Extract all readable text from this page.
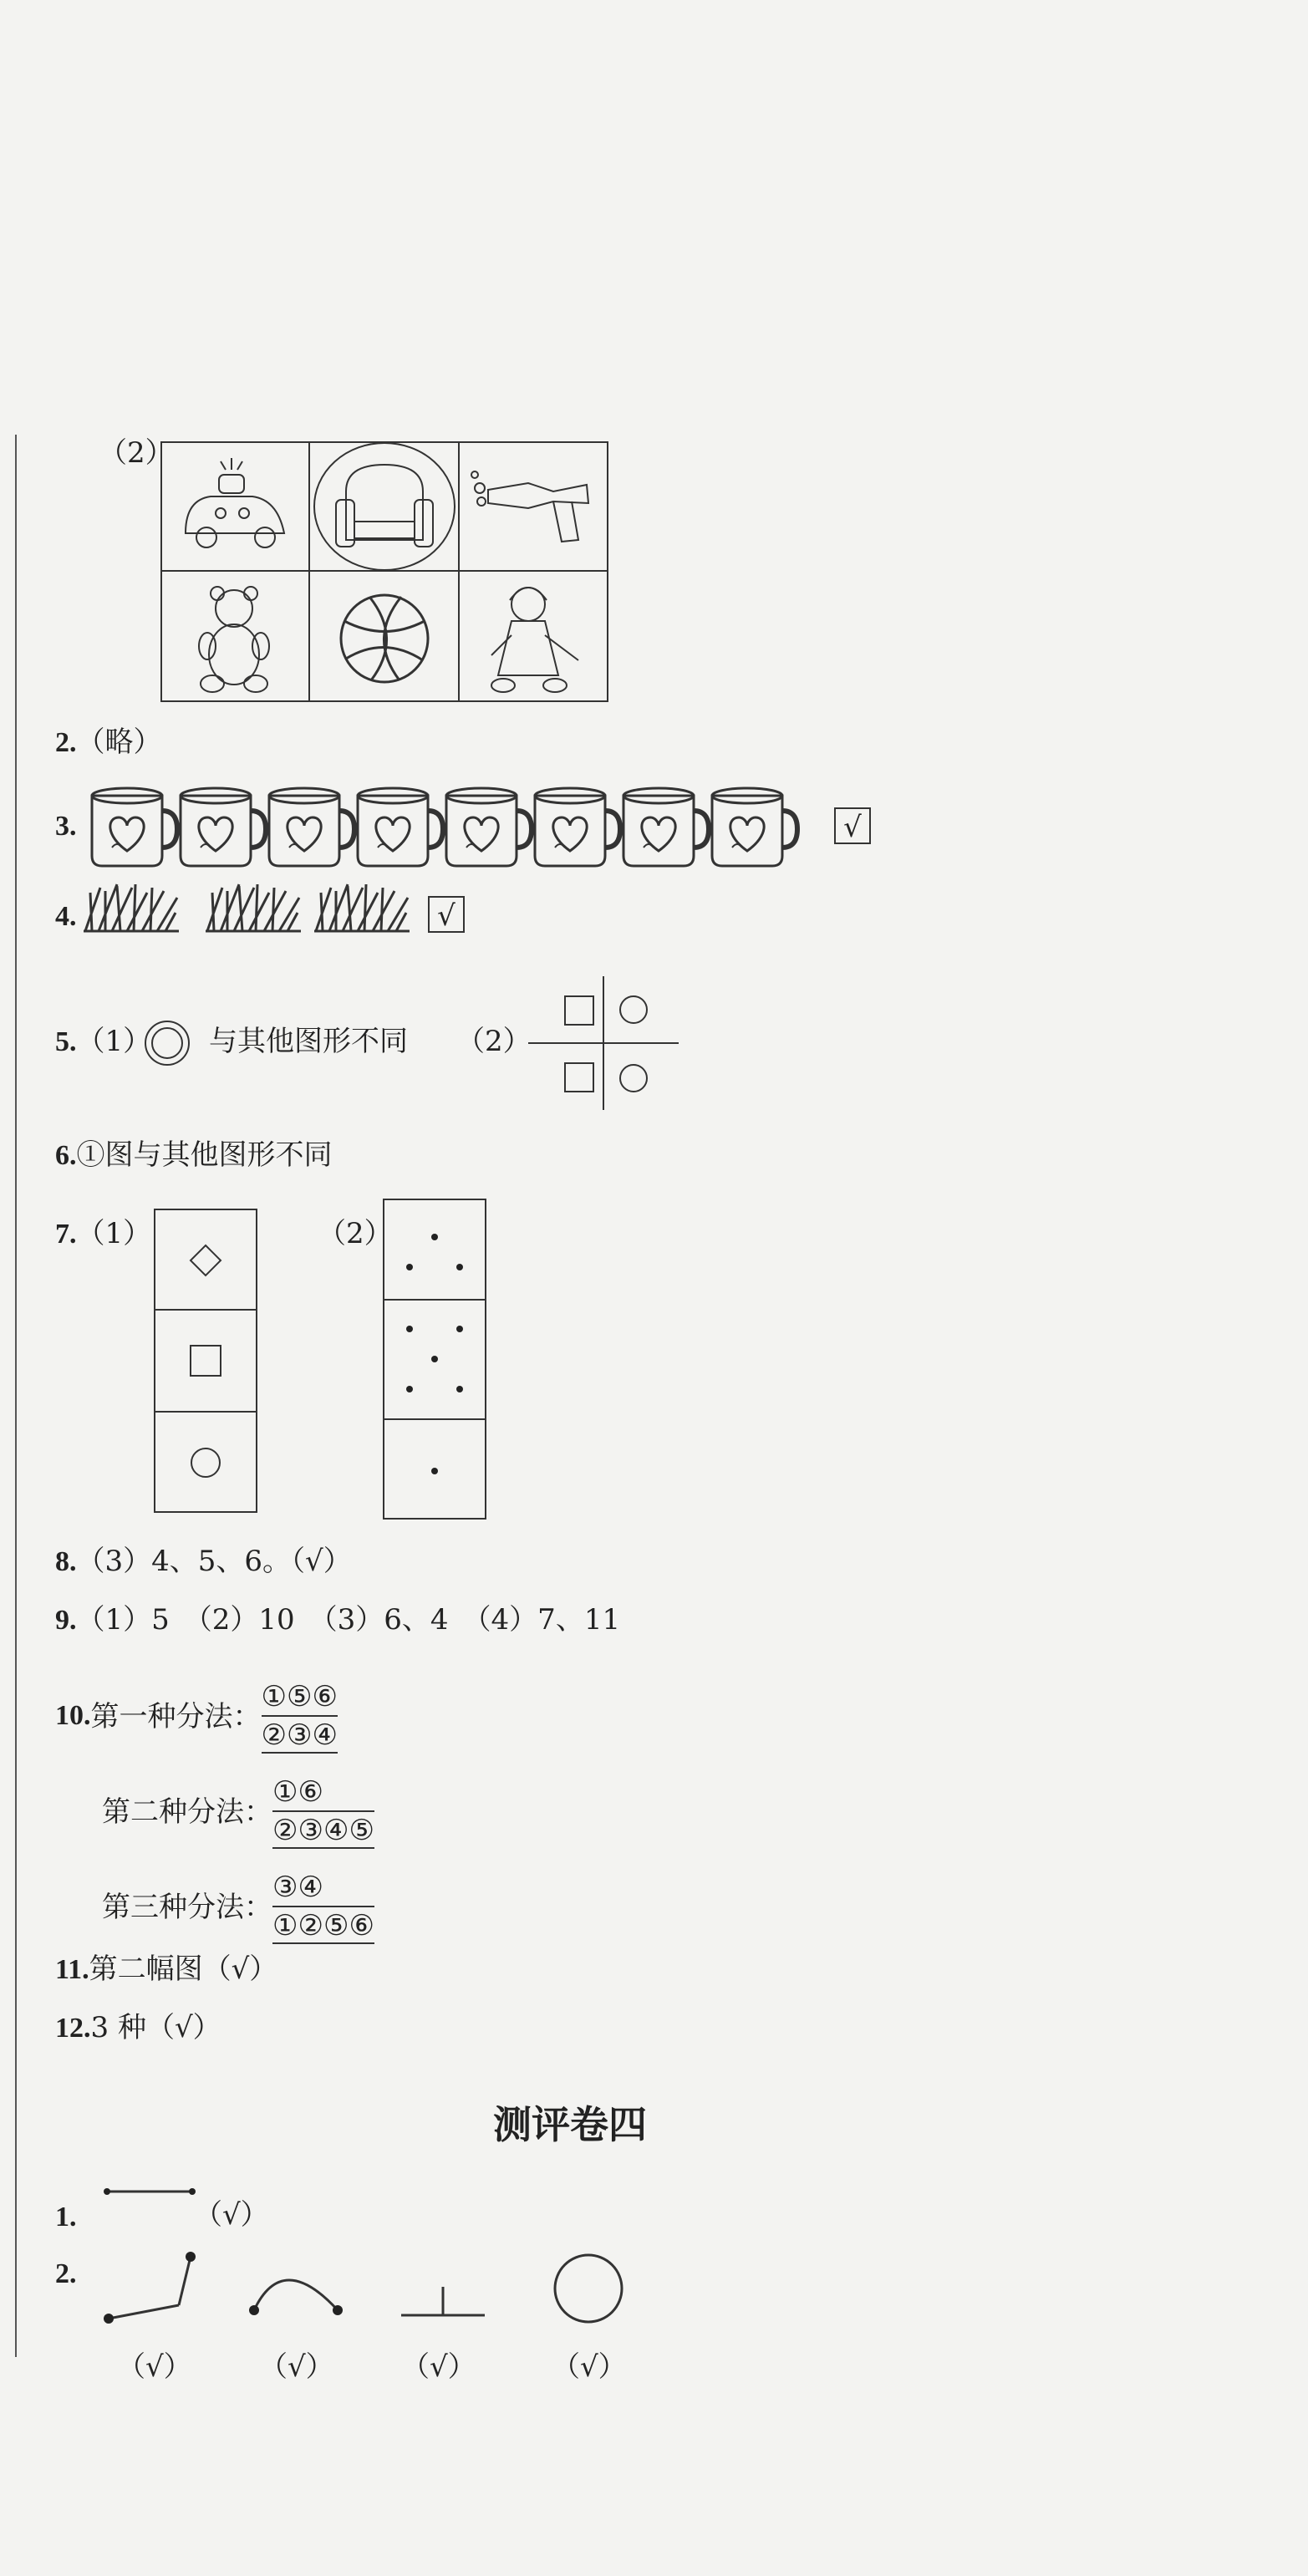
（2）
2.（略）
3.	√
4.	√
5.（1） 与其他图形不同 （2）
6.①图与其他图形不同
7.（1）	（2）
8.（3）4、5、6。（√）
9.（1）5　（2）10　（3）6、4　（4）7、11
10.第一种分法： $\frac{\text{①⑤⑥}}{\text{②③④}}$
第二种分法： $\frac{\text{①⑥}}{\text{②③④⑤}}$
第三种分法： $\frac{\text{③④}}{\text{①②⑤⑥}}$
11.第二幅图（√）
12.3 种（√）
测评卷四
1.	（√）
2.
（√） （√） （√）	（√）
